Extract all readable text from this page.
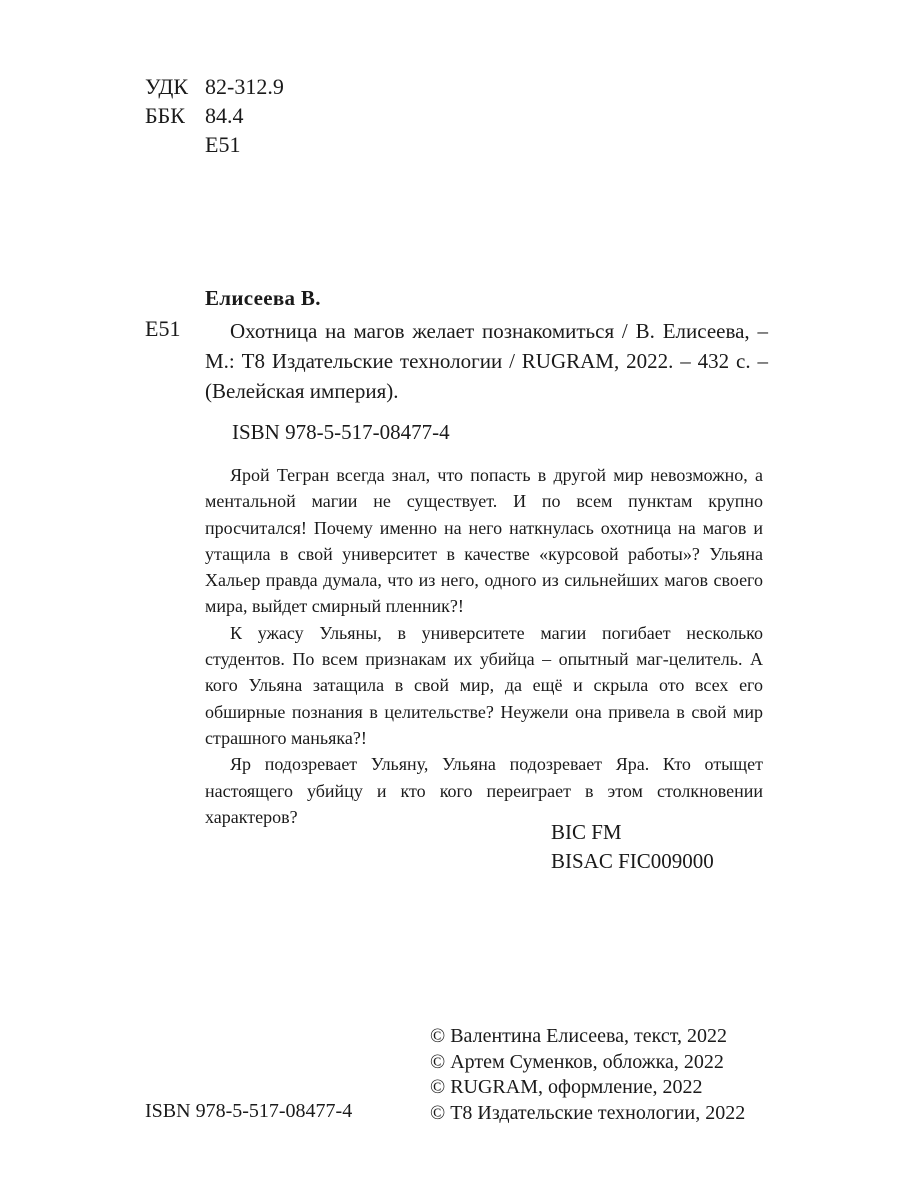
УДК 82-312.9
ББК 84.4
Е51
Елисеева В.
Е51	Охотница на магов желает познакомиться / В. Елисеева, – М.: Т8 Издательские технологии / RUGRAM, 2022. – 432 с. – (Велейская империя).
ISBN 978-5-517-08477-4

Ярой Тегран всегда знал, что попасть в другой мир невозможно, а ментальной магии не существует. И по всем пунктам крупно просчитался! Почему именно на него наткнулась охотница на магов и утащила в свой университет в качестве «курсовой работы»? Ульяна Хальер правда думала, что из него, одного из сильнейших магов своего мира, выйдет смирный пленник?!

К ужасу Ульяны, в университете магии погибает несколько студентов. По всем признакам их убийца – опытный маг-целитель. А кого Ульяна затащила в свой мир, да ещё и скрыла ото всех его обширные познания в целительстве? Неужели она привела в свой мир страшного маньяка?!

Яр подозревает Ульяну, Ульяна подозревает Яра. Кто отыщет настоящего убийцу и кто кого переиграет в этом столкновении характеров?

BIC FM
BISAC FIC009000
© Валентина Елисеева, текст, 2022
© Артем Суменков, обложка, 2022
© RUGRAM, оформление, 2022
© Т8 Издательские технологии, 2022
ISBN 978-5-517-08477-4
